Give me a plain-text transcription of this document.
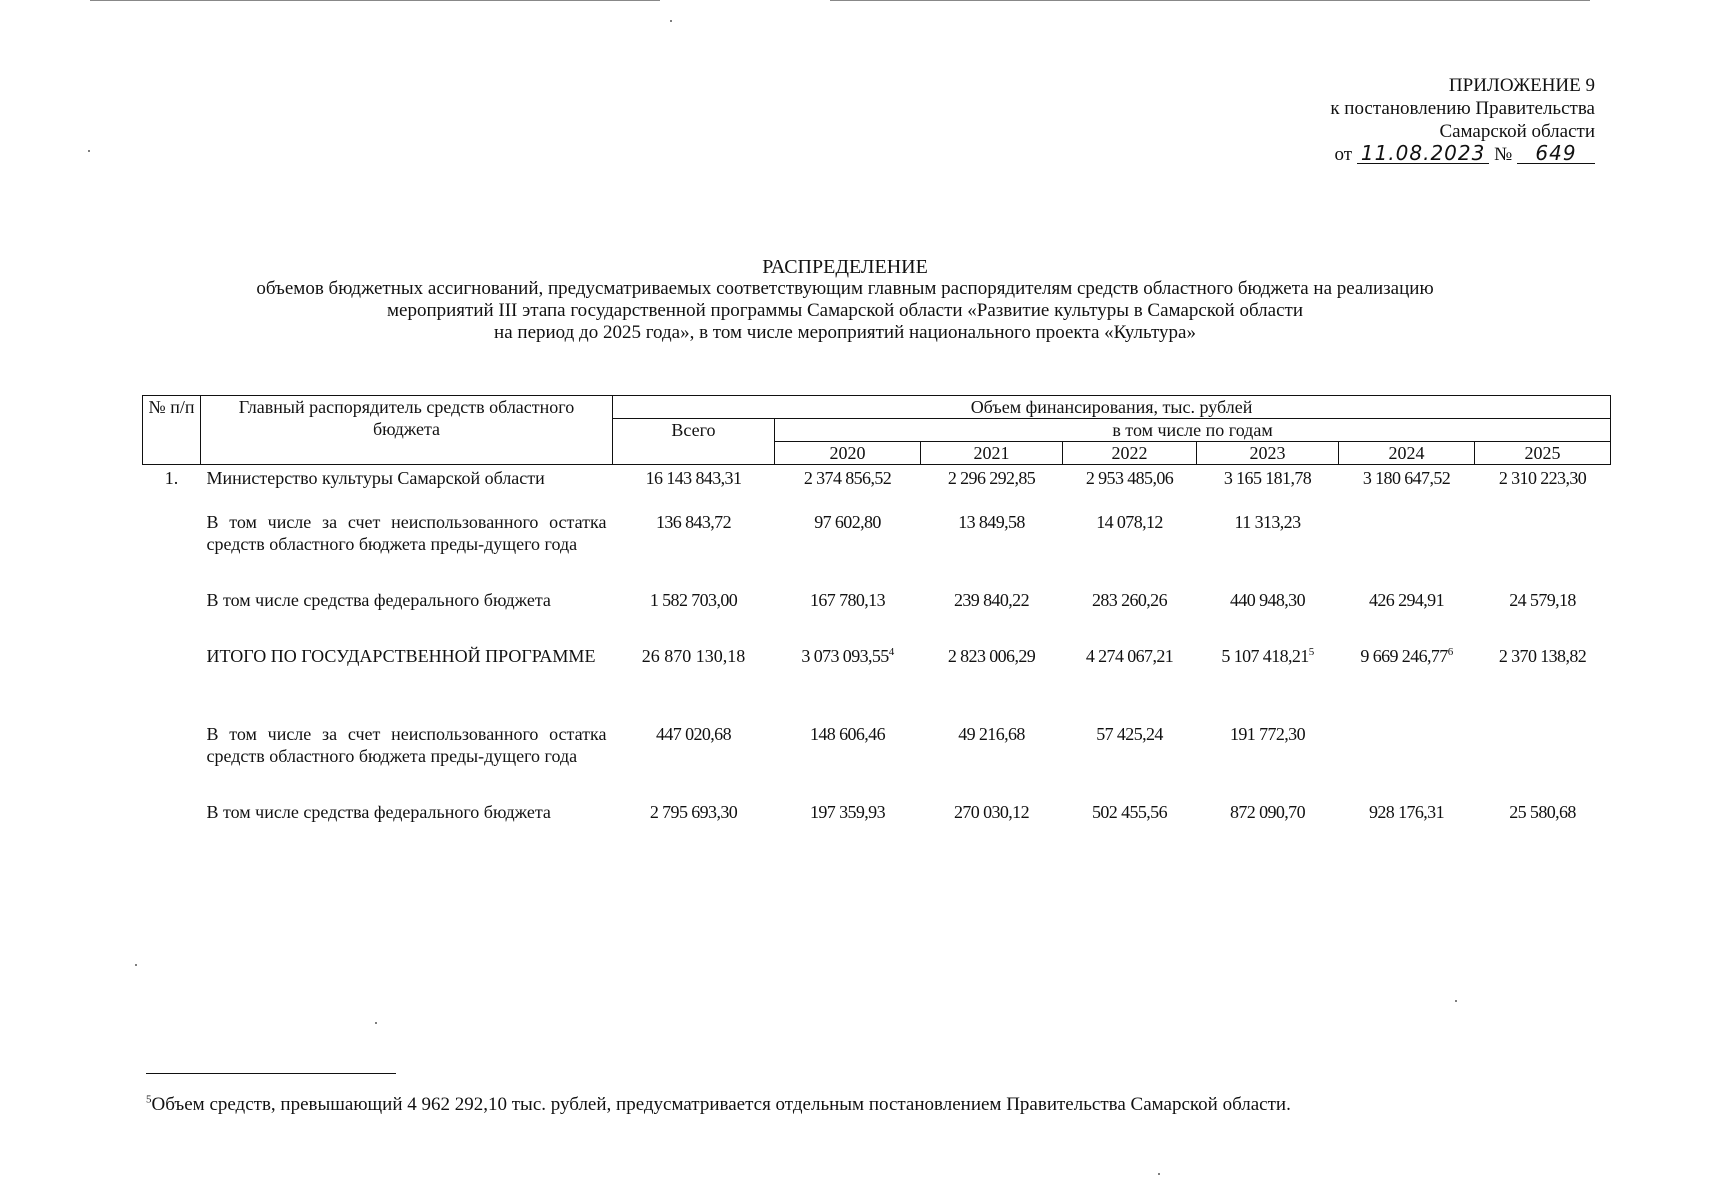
ПРИЛОЖЕНИЕ 9
к постановлению Правительства
Самарской области
от 11.08.2023 № 649
РАСПРЕДЕЛЕНИЕ
объемов бюджетных ассигнований, предусматриваемых соответствующим главным распорядителям средств областного бюджета на реализацию
мероприятий III этапа государственной программы Самарской области «Развитие культуры в Самарской области
на период до 2025 года», в том числе мероприятий национального проекта «Культура»
№ п/п	Главный распорядитель средств областного бюджета	Объем финансирования, тыс. рублей						
		Всего	в том числе по годам					
			2020	2021	2022	2023	2024	2025
1.	Министерство культуры Самарской области	16 143 843,31	2 374 856,52	2 296 292,85	2 953 485,06	3 165 181,78	3 180 647,52	2 310 223,30
	В том числе за счет неиспользованного остатка средств областного бюджета преды-дущего года	136 843,72	97 602,80	13 849,58	14 078,12	11 313,23		
	В том числе средства федерального бюджета	1 582 703,00	167 780,13	239 840,22	283 260,26	440 948,30	426 294,91	24 579,18
	ИТОГО ПО ГОСУДАРСТВЕННОЙ ПРОГРАММЕ	26 870 130,18	3 073 093,55$^4$	2 823 006,29	4 274 067,21	5 107 418,21$^5$	9 669 246,77$^6$	2 370 138,82
	В том числе за счет неиспользованного остатка средств областного бюджета преды-дущего года	447 020,68	148 606,46	49 216,68	57 425,24	191 772,30		
	В том числе средства федерального бюджета	2 795 693,30	197 359,93	270 030,12	502 455,56	872 090,70	928 176,31	25 580,68
$^5$Объем средств, превышающий 4 962 292,10 тыс. рублей, предусматривается отдельным постановлением Правительства Самарской области.
